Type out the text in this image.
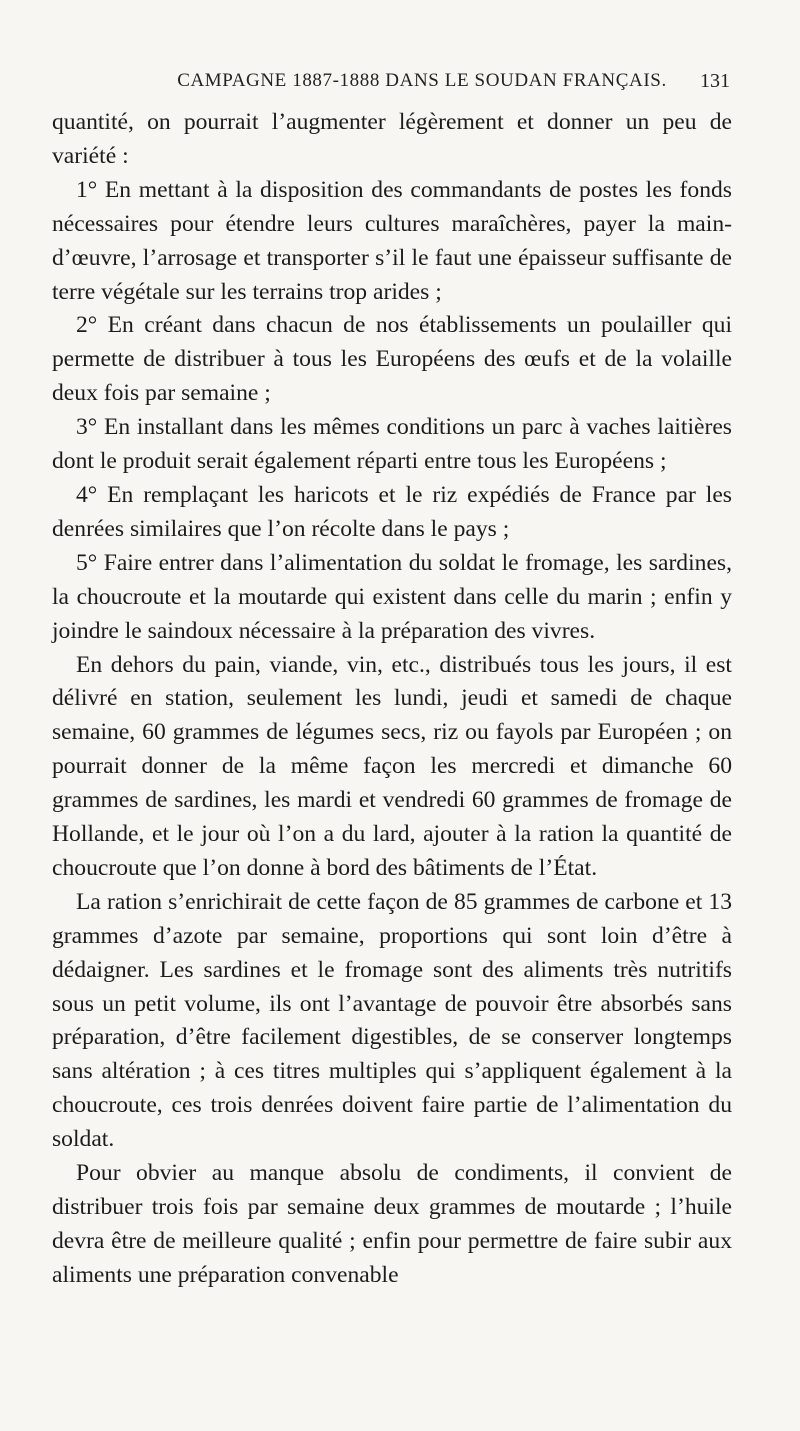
CAMPAGNE 1887-1888 DANS LE SOUDAN FRANÇAIS. 131

quantité, on pourrait l’augmenter légèrement et donner un peu de variété :

1° En mettant à la disposition des commandants de postes les fonds nécessaires pour étendre leurs cultures maraîchères, payer la main-d’œuvre, l’arrosage et transporter s’il le faut une épaisseur suffisante de terre végétale sur les terrains trop arides ;

2° En créant dans chacun de nos établissements un poulailler qui permette de distribuer à tous les Européens des œufs et de la volaille deux fois par semaine ;

3° En installant dans les mêmes conditions un parc à vaches laitières dont le produit serait également réparti entre tous les Européens ;

4° En remplaçant les haricots et le riz expédiés de France par les denrées similaires que l’on récolte dans le pays ;

5° Faire entrer dans l’alimentation du soldat le fromage, les sardines, la choucroute et la moutarde qui existent dans celle du marin ; enfin y joindre le saindoux nécessaire à la préparation des vivres.

En dehors du pain, viande, vin, etc., distribués tous les jours, il est délivré en station, seulement les lundi, jeudi et samedi de chaque semaine, 60 grammes de légumes secs, riz ou fayols par Européen ; on pourrait donner de la même façon les mercredi et dimanche 60 grammes de sardines, les mardi et vendredi 60 grammes de fromage de Hollande, et le jour où l’on a du lard, ajouter à la ration la quantité de choucroute que l’on donne à bord des bâtiments de l’État.

La ration s’enrichirait de cette façon de 85 grammes de carbone et 13 grammes d’azote par semaine, proportions qui sont loin d’être à dédaigner. Les sardines et le fromage sont des aliments très nutritifs sous un petit volume, ils ont l’avantage de pouvoir être absorbés sans préparation, d’être facilement digestibles, de se conserver longtemps sans altération ; à ces titres multiples qui s’appliquent également à la choucroute, ces trois denrées doivent faire partie de l’alimentation du soldat.

Pour obvier au manque absolu de condiments, il convient de distribuer trois fois par semaine deux grammes de moutarde ; l’huile devra être de meilleure qualité ; enfin pour permettre de faire subir aux aliments une préparation convenable
